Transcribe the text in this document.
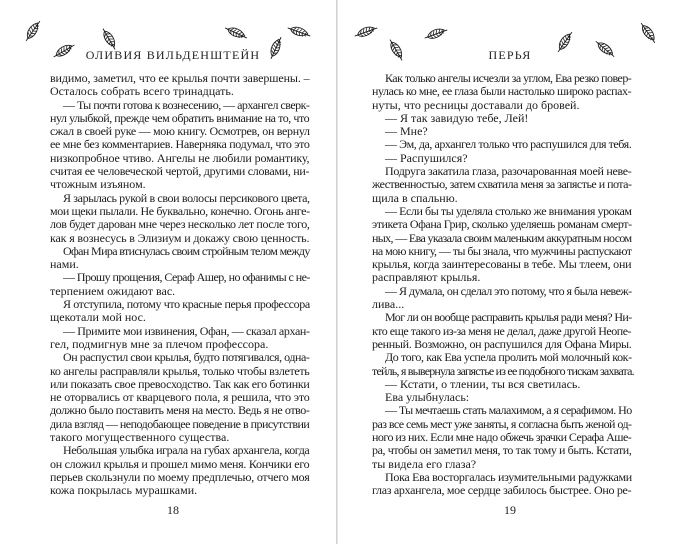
ОЛИВИЯ ВИЛЬДЕНШТЕЙН
видимо, заметил, что ее крылья почти завершены. –
Осталось собрать всего тринадцать.
— Ты почти готова к вознесению, — архангел сверк-
нул улыбкой, прежде чем обратить внимание на то, что
сжал в своей руке — мою книгу. Осмотрев, он вернул
ее мне без комментариев. Наверняка подумал, что это
низкопробное чтиво. Ангелы не любили романтику,
считая ее человеческой чертой, другими словами, ни-
чтожным изъяном.
Я зарылась рукой в свои волосы персикового цвета,
мои щеки пылали. Не буквально, конечно. Огонь анге-
лов будет дарован мне через несколько лет после того,
как я вознесусь в Элизиум и докажу свою ценность.
Офан Мира втиснулась своим стройным телом между
нами.
— Прошу прощения, Сераф Ашер, но офанимы с не-
терпением ожидают вас.
Я отступила, потому что красные перья профессора
щекотали мой нос.
— Примите мои извинения, Офан, — сказал архан-
гел, подмигнув мне за плечом профессора.
Он распустил свои крылья, будто потягивался, одна-
ко ангелы расправляли крылья, только чтобы взлететь
или показать свое превосходство. Так как его ботинки
не оторвались от кварцевого пола, я решила, что это
должно было поставить меня на место. Ведь я не отво-
дила взгляд — неподобающее поведение в присутствии
такого могущественного существа.
Небольшая улыбка играла на губах архангела, когда
он сложил крылья и прошел мимо меня. Кончики его
перьев скользнули по моему предплечью, отчего моя
кожа покрылась мурашками.
18
ПЕРЬЯ
Как только ангелы исчезли за углом, Ева резко повер-
нулась ко мне, ее глаза были настолько широко распах-
нуты, что ресницы доставали до бровей.
— Я так завидую тебе, Лей!
— Мне?
— Эм, да, архангел только что распушился для тебя.
— Распушился?
Подруга закатила глаза, разочарованная моей неве-
жественностью, затем схватила меня за запястье и пота-
щила в спальню.
— Если бы ты уделяла столько же внимания урокам
этикета Офана Грир, сколько уделяешь романам смерт-
ных, — Ева указала своим маленьким аккуратным носом
на мою книгу, — ты бы знала, что мужчины распускают
крылья, когда заинтересованы в тебе. Мы тлеем, они
расправляют крылья.
— Я думала, он сделал это потому, что я была невеж-
лива...
Мог ли он вообще расправить крылья ради меня? Ни-
кто еще такого из-за меня не делал, даже другой Неопе-
ренный. Возможно, он распушился для Офана Миры.
До того, как Ева успела пролить мой молочный кок-
тейль, я вывернула запястье из ее подобного тискам захвата.
— Кстати, о тлении, ты вся светилась.
Ева улыбнулась:
— Ты мечтаешь стать малахимом, а я серафимом. Но
раз все семь мест уже заняты, я согласна быть женой од-
ного из них. Если мне надо обжечь зрачки Серафа Ашe-
ра, чтобы он заметил меня, то так тому и быть. Кстати,
ты видела его глаза?
Пока Ева восторгалась изумительными радужками
глаз архангела, мое сердце забилось быстрее. Оно ре-
19
